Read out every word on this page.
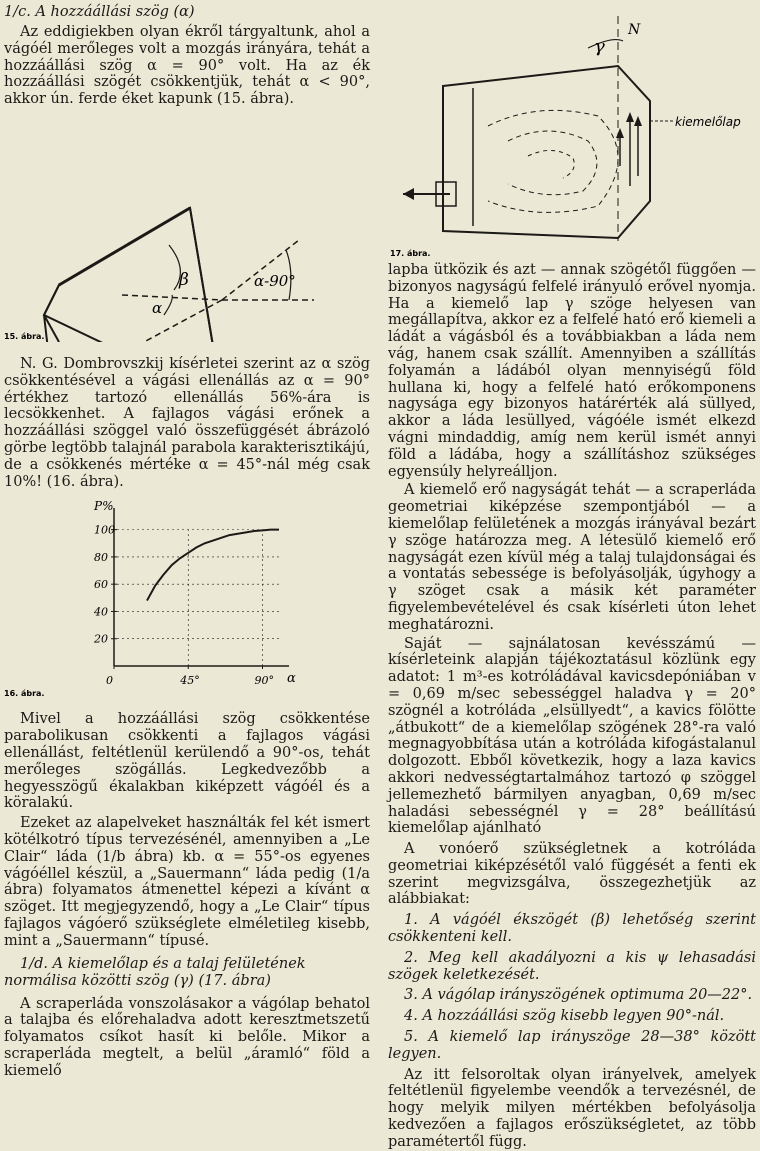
1/c. A hozzáállási szög (α)

Az eddigiekben olyan ékről tárgyaltunk, ahol a vágóél merőleges volt a mozgás irányára, tehát a hozzáállási szög α = 90° volt. Ha az ék hozzáállási szögét csökkentjük, tehát α < 90°, akkor ún. ferde éket kapunk (15. ábra).

β
α
α-90°
15. ábra.

N. G. Dombrovszkij kísérletei szerint az α szög csökkentésével a vágási ellenállás az α = 90° értékhez tartozó ellenállás 56%-ára is lecsökkenhet. A fajlagos vágási erőnek a hozzáállási szöggel való összefüggését ábrázoló görbe legtöbb talajnál parabola karakterisztikájú, de a csökkenés mértéke α = 45°-nál még csak 10%! (16. ábra).

P%
α
100
80
60
40
20
0	45°	90°
16. ábra.

Mivel a hozzáállási szög csökkentése parabolikusan csökkenti a fajlagos vágási ellenállást, feltétlenül kerülendő a 90°-os, tehát merőleges szögállás. Legkedvezőbb a hegyesszögű ékalakban kiképzett vágóél és a köralakú.

Ezeket az alapelveket használták fel két ismert kötélkotró típus tervezésénél, amennyiben a „Le Clair“ láda (1/b ábra) kb. α = 55°-os egyenes vágóéllel készül, a „Sauermann“ láda pedig (1/a ábra) folyamatos átmenettel képezi a kívánt α szöget. Itt megjegyzendő, hogy a „Le Clair“ típus fajlagos vágóerő szükséglete elméletileg kisebb, mint a „Sauermann“ típusé.

1/d. A kiemelőlap és a talaj felületének normálisa közötti szög (γ) (17. ábra)

A scraperláda vonszolásakor a vágólap behatol a talajba és előrehaladva adott keresztmetszetű folyamatos csíkot hasít ki belőle. Mikor a scraperláda megtelt, a belül „áramló“ föld a kiemelő

N
γ
kiemelőlap
17. ábra.

lapba ütközik és azt — annak szögétől függően — bizonyos nagyságú felfelé irányuló erővel nyomja. Ha a kiemelő lap γ szöge helyesen van megállapítva, akkor ez a felfelé ható erő kiemeli a ládát a vágásból és a továbbiakban a láda nem vág, hanem csak szállít. Amennyiben a szállítás folyamán a ládából olyan mennyiségű föld hullana ki, hogy a felfelé ható erőkomponens nagysága egy bizonyos határérték alá süllyed, akkor a láda lesüllyed, vágóéle ismét elkezd vágni mindaddig, amíg nem kerül ismét annyi föld a ládába, hogy a szállításhoz szükséges egyensúly helyreálljon.

A kiemelő erő nagyságát tehát — a scraperláda geometriai kiképzése szempontjából — a kiemelőlap felületének a mozgás irányával bezárt γ szöge határozza meg. A létesülő kiemelő erő nagyságát ezen kívül még a talaj tulajdonságai és a vontatás sebessége is befolyásolják, úgyhogy a γ szöget csak a másik két paraméter figyelembevételével és csak kísérleti úton lehet meghatározni.

Saját — sajnálatosan kevésszámú — kísérleteink alapján tájékoztatásul közlünk egy adatot: 1 m³-es kotróládával kavicsdepóniában v = 0,69 m/sec sebességgel haladva γ = 20° szögnél a kotróláda „elsüllyedt“, a kavics fölötte „átbukott“ de a kiemelőlap szögének 28°-ra való megnagyobbítása után a kotróláda kifogástalanul dolgozott. Ebből következik, hogy a laza kavics akkori nedvességtartalmához tartozó φ szöggel jellemezhető bármilyen anyagban, 0,69 m/sec haladási sebességnél γ = 28° beállítású kiemelőlap ajánlható

A vonóerő szükségletnek a kotróláda geometriai kiképzésétől való függését a fenti ek szerint megvizsgálva, összegezhetjük az alábbiakat:

1. A vágóél ékszögét (β) lehetőség szerint csökkenteni kell.

2. Meg kell akadályozni a kis ψ lehasadási szögek keletkezését.

3. A vágólap irányszögének optimuma 20—22°.

4. A hozzáállási szög kisebb legyen 90°-nál.

5. A kiemelő lap irányszöge 28—38° között legyen.

Az itt felsoroltak olyan irányelvek, amelyek feltétlenül figyelembe veendők a tervezésnél, de hogy melyik milyen mértékben befolyásolja kedvezően a fajlagos erőszükségletet, az több paramétertől függ.
